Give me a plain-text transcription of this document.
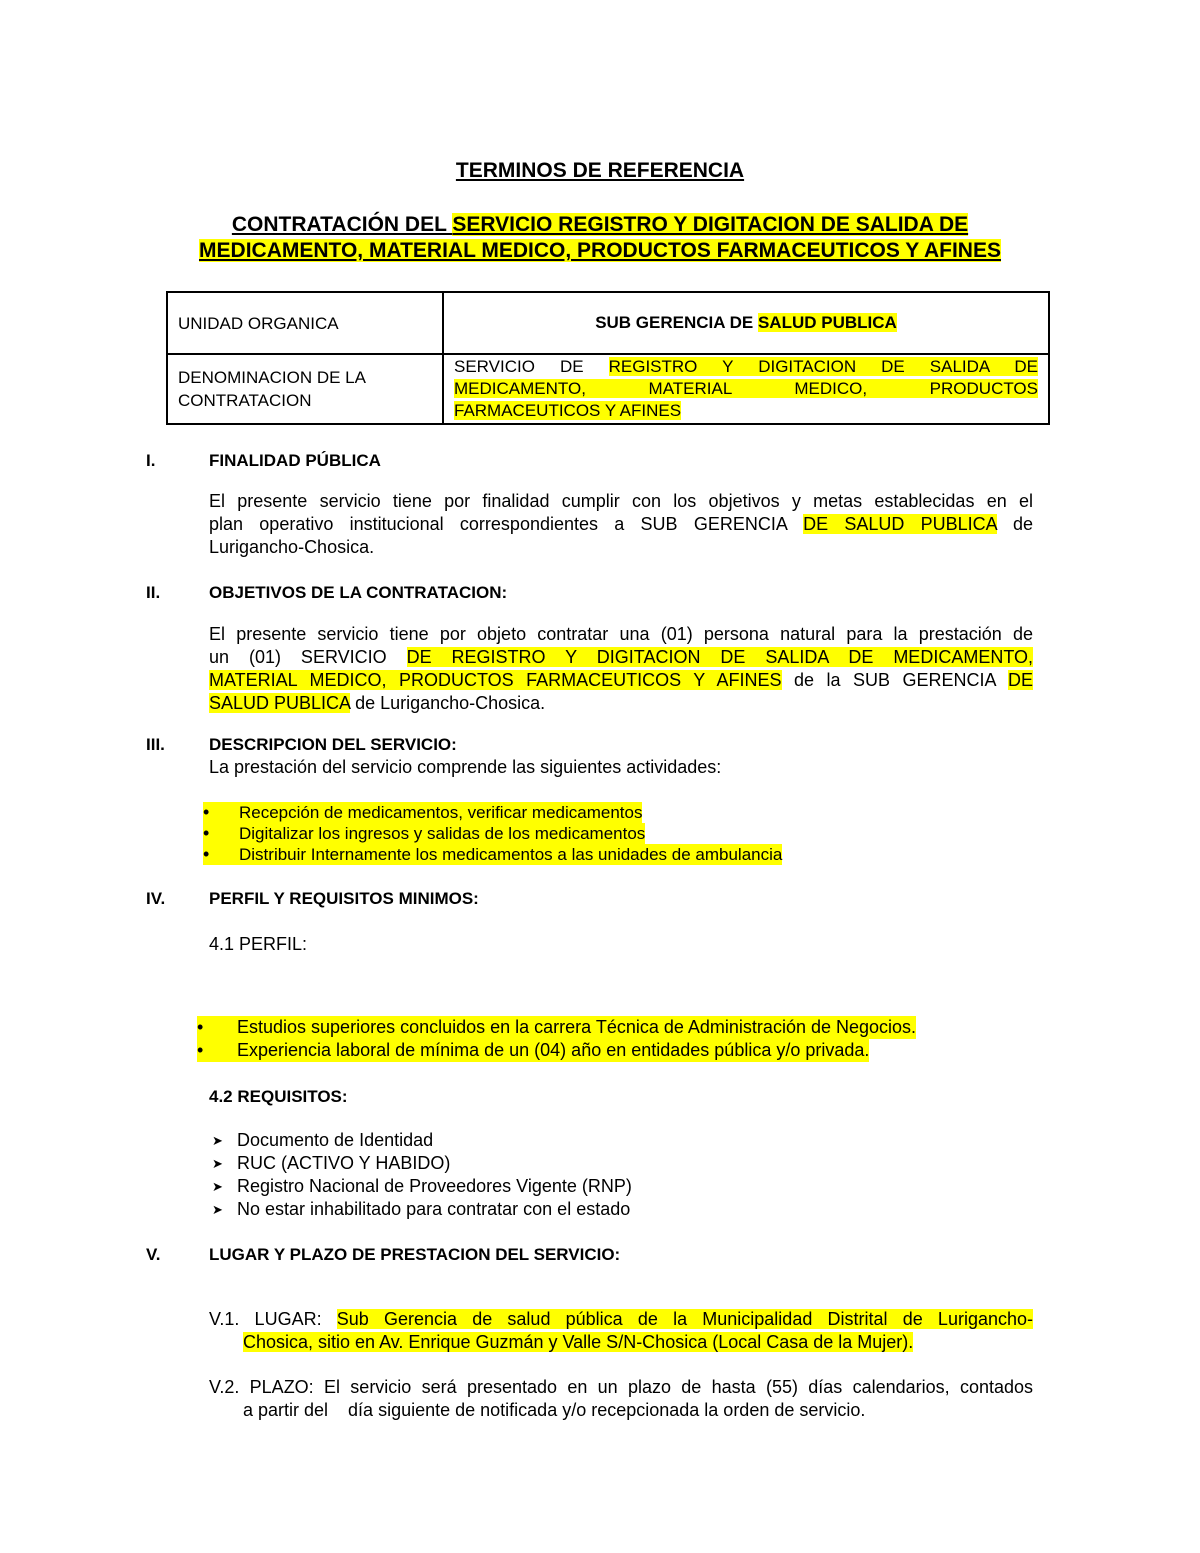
TERMINOS DE REFERENCIA
CONTRATACIÓN DEL SERVICIO REGISTRO Y DIGITACION DE SALIDA DE MEDICAMENTO, MATERIAL MEDICO, PRODUCTOS FARMACEUTICOS Y AFINES
UNIDAD ORGANICA	SUB GERENCIA DE SALUD PUBLICA
DENOMINACION DE LA CONTRATACION	SERVICIO DE REGISTRO Y DIGITACION DE SALIDA DE
MEDICAMENTO, MATERIAL MEDICO, PRODUCTOS
FARMACEUTICOS Y AFINES
I.	FINALIDAD PÚBLICA
El presente servicio tiene por finalidad cumplir con los objetivos y metas establecidas en el
plan operativo institucional correspondientes a SUB GERENCIA DE SALUD PUBLICA de
Lurigancho-Chosica.
II.	OBJETIVOS DE LA CONTRATACION:
El presente servicio tiene por objeto contratar una (01) persona natural para la prestación de
un (01) SERVICIO DE REGISTRO Y DIGITACION DE SALIDA DE MEDICAMENTO,
MATERIAL MEDICO, PRODUCTOS FARMACEUTICOS Y AFINES de la SUB GERENCIA DE
SALUD PUBLICA de Lurigancho-Chosica.
III.	DESCRIPCION DEL SERVICIO:
La prestación del servicio comprende las siguientes actividades:
•	Recepción de medicamentos, verificar medicamentos
•	Digitalizar los ingresos y salidas de los medicamentos
•	Distribuir Internamente los medicamentos a las unidades de ambulancia
IV.	PERFIL Y REQUISITOS MINIMOS:
4.1 PERFIL:
•	Estudios superiores concluidos en la carrera Técnica de Administración de Negocios.
•	Experiencia laboral de mínima de un (04) año en entidades pública y/o privada.
4.2 REQUISITOS:
➤ Documento de Identidad
➤ RUC (ACTIVO Y HABIDO)
➤ Registro Nacional de Proveedores Vigente (RNP)
➤ No estar inhabilitado para contratar con el estado
V.	LUGAR Y PLAZO DE PRESTACION DEL SERVICIO:
V.1. LUGAR: Sub Gerencia de salud pública de la Municipalidad Distrital de Lurigancho-
Chosica, sitio en Av. Enrique Guzmán y Valle S/N-Chosica (Local Casa de la Mujer).
V.2. PLAZO: El servicio será presentado en un plazo de hasta (55) días calendarios, contados
a partir del    día siguiente de notificada y/o recepcionada la orden de servicio.
